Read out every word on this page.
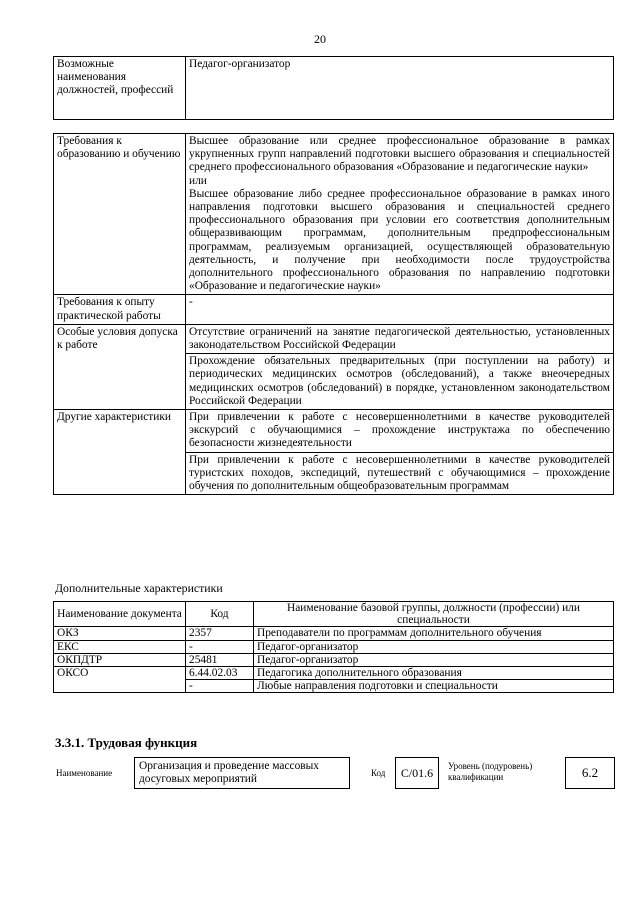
20
Возможные наименования должностей, профессий	Педагог-организатор
Требования к образованию и обучению	Высшее образование или среднее профессиональное образование в рамках укрупненных групп направлений подготовки высшего образования и специальностей среднего профессионального образования «Образование и педагогические науки»
или
Высшее образование либо среднее профессиональное образование в рамках иного направления подготовки высшего образования и специальностей среднего профессионального образования при условии его соответствия дополнительным общеразвивающим программам, дополнительным предпрофессиональным программам, реализуемым организацией, осуществляющей образовательную деятельность, и получение при необходимости после трудоустройства дополнительного профессионального образования по направлению подготовки «Образование и педагогические науки»

Требования к опыту практической работы	-
Особые условия допуска к работе	Отсутствие ограничений на занятие педагогической деятельностью, установленных законодательством Российской Федерации
	Прохождение обязательных предварительных (при поступлении на работу) и периодических медицинских осмотров (обследований), а также внеочередных медицинских осмотров (обследований) в порядке, установленном законодательством Российской Федерации
Другие характеристики	При привлечении к работе с несовершеннолетними в качестве руководителей экскурсий с обучающимися – прохождение инструктажа по обеспечению безопасности жизнедеятельности
	При привлечении к работе с несовершеннолетними в качестве руководителей туристских походов, экспедиций, путешествий с обучающимися – прохождение обучения по дополнительным общеобразовательным программам
Дополнительные характеристики
Наименование документа	Код	Наименование базовой группы, должности (профессии) или специальности
ОКЗ	2357	Преподаватели по программам дополнительного обучения
ЕКС	-	Педагог-организатор
ОКПДТР	25481	Педагог-организатор
ОКСО	6.44.02.03	Педагогика дополнительного образования
	-	Любые направления подготовки и специальности
3.3.1. Трудовая функция
Наименование
Организация и проведение массовых досуговых мероприятий	Код	С/01.6	Уровень (подуровень) квалификации	6.2
